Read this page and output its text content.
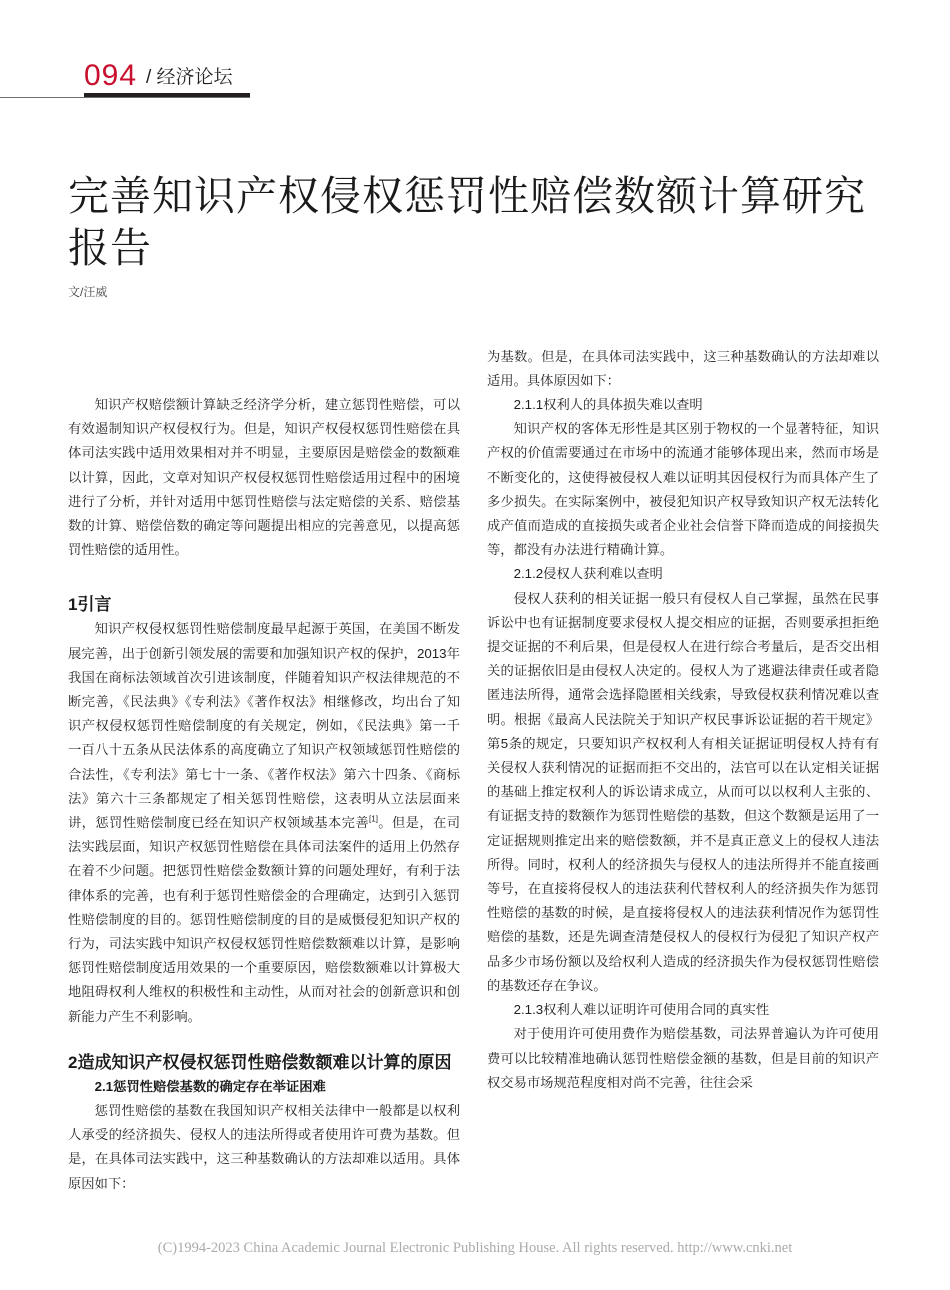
094 / 经济论坛
完善知识产权侵权惩罚性赔偿数额计算研究报告
文/汪威

知识产权赔偿额计算缺乏经济学分析，建立惩罚性赔偿，可以有效遏制知识产权侵权行为。但是，知识产权侵权惩罚性赔偿在具体司法实践中适用效果相对并不明显，主要原因是赔偿金的数额难以计算，因此，文章对知识产权侵权惩罚性赔偿适用过程中的困境进行了分析，并针对适用中惩罚性赔偿与法定赔偿的关系、赔偿基数的计算、赔偿倍数的确定等问题提出相应的完善意见，以提高惩罚性赔偿的适用性。

1引言

知识产权侵权惩罚性赔偿制度最早起源于英国，在美国不断发展完善，出于创新引领发展的需要和加强知识产权的保护，2013年我国在商标法领域首次引进该制度，伴随着知识产权法律规范的不断完善，《民法典》《专利法》《著作权法》相继修改，均出台了知识产权侵权惩罚性赔偿制度的有关规定，例如，《民法典》第一千一百八十五条从民法体系的高度确立了知识产权领域惩罚性赔偿的合法性，《专利法》第七十一条、《著作权法》第六十四条、《商标法》第六十三条都规定了相关惩罚性赔偿，这表明从立法层面来讲，惩罚性赔偿制度已经在知识产权领域基本完善[1]。但是，在司法实践层面，知识产权惩罚性赔偿在具体司法案件的适用上仍然存在着不少问题。把惩罚性赔偿金数额计算的问题处理好，有利于法律体系的完善，也有利于惩罚性赔偿金的合理确定，达到引入惩罚性赔偿制度的目的。惩罚性赔偿制度的目的是威慑侵犯知识产权的行为，司法实践中知识产权侵权惩罚性赔偿数额难以计算，是影响惩罚性赔偿制度适用效果的一个重要原因，赔偿数额难以计算极大地阻碍权利人维权的积极性和主动性，从而对社会的创新意识和创新能力产生不利影响。

2造成知识产权侵权惩罚性赔偿数额难以计算的原因
2.1惩罚性赔偿基数的确定存在举证困难

惩罚性赔偿的基数在我国知识产权相关法律中一般都是以权利人承受的经济损失、侵权人的违法所得或者使用许可费为基数。但是，在具体司法实践中，这三种基数确认的方法却难以适用。具体原因如下：

为基数。但是，在具体司法实践中，这三种基数确认的方法却难以适用。具体原因如下：

2.1.1权利人的具体损失难以查明

知识产权的客体无形性是其区别于物权的一个显著特征，知识产权的价值需要通过在市场中的流通才能够体现出来，然而市场是不断变化的，这使得被侵权人难以证明其因侵权行为而具体产生了多少损失。在实际案例中，被侵犯知识产权导致知识产权无法转化成产值而造成的直接损失或者企业社会信誉下降而造成的间接损失等，都没有办法进行精确计算。

2.1.2侵权人获利难以查明

侵权人获利的相关证据一般只有侵权人自己掌握，虽然在民事诉讼中也有证据制度要求侵权人提交相应的证据，否则要承担拒绝提交证据的不利后果，但是侵权人在进行综合考量后，是否交出相关的证据依旧是由侵权人决定的。侵权人为了逃避法律责任或者隐匿违法所得，通常会选择隐匿相关线索，导致侵权获利情况难以查明。根据《最高人民法院关于知识产权民事诉讼证据的若干规定》第5条的规定，只要知识产权权利人有相关证据证明侵权人持有有关侵权人获利情况的证据而拒不交出的，法官可以在认定相关证据的基础上推定权利人的诉讼请求成立，从而可以以权利人主张的、有证据支持的数额作为惩罚性赔偿的基数，但这个数额是运用了一定证据规则推定出来的赔偿数额，并不是真正意义上的侵权人违法所得。同时，权利人的经济损失与侵权人的违法所得并不能直接画等号，在直接将侵权人的违法获利代替权利人的经济损失作为惩罚性赔偿的基数的时候，是直接将侵权人的违法获利情况作为惩罚性赔偿的基数，还是先调查清楚侵权人的侵权行为侵犯了知识产权产品多少市场份额以及给权利人造成的经济损失作为侵权惩罚性赔偿的基数还存在争议。

2.1.3权利人难以证明许可使用合同的真实性

对于使用许可使用费作为赔偿基数，司法界普遍认为许可使用费可以比较精准地确认惩罚性赔偿金额的基数，但是目前的知识产权交易市场规范程度相对尚不完善，往往会采

(C)1994-2023 China Academic Journal Electronic Publishing House. All rights reserved. http://www.cnki.net
